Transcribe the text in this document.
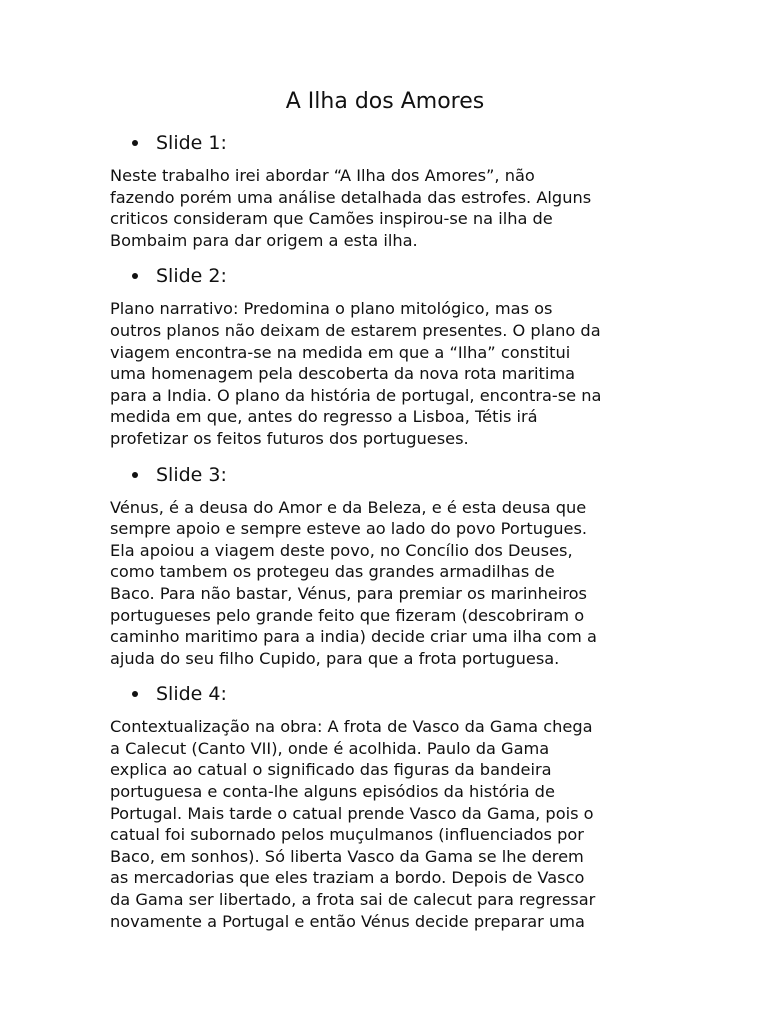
A Ilha dos Amores
Slide 1:
Neste trabalho irei abordar “A Ilha dos Amores”, não
fazendo porém uma análise detalhada das estrofes. Alguns
criticos consideram que Camões inspirou-se na ilha de
Bombaim para dar origem a esta ilha.
Slide 2:
Plano narrativo: Predomina o plano mitológico, mas os
outros planos não deixam de estarem presentes. O plano da
viagem encontra-se na medida em que a “Ilha” constitui
uma homenagem pela descoberta da nova rota maritima
para a India. O plano da história de portugal, encontra-se na
medida em que, antes do regresso a Lisboa, Tétis irá
profetizar os feitos futuros dos portugueses.
Slide 3:
Vénus, é a deusa do Amor e da Beleza, e é esta deusa que
sempre apoio e sempre esteve ao lado do povo Portugues.
Ela apoiou a viagem deste povo, no Concílio dos Deuses,
como tambem os protegeu das grandes armadilhas de
Baco. Para não bastar, Vénus, para premiar os marinheiros
portugueses pelo grande feito que fizeram (descobriram o
caminho maritimo para a india) decide criar uma ilha com a
ajuda do seu filho Cupido, para que a frota portuguesa.
Slide 4:
Contextualização na obra: A frota de Vasco da Gama chega
a Calecut (Canto VII), onde é acolhida. Paulo da Gama
explica ao catual o significado das figuras da bandeira
portuguesa e conta-lhe alguns episódios da história de
Portugal. Mais tarde o catual prende Vasco da Gama, pois o
catual foi subornado pelos muçulmanos (influenciados por
Baco, em sonhos). Só liberta Vasco da Gama se lhe derem
as mercadorias que eles traziam a bordo. Depois de Vasco
da Gama ser libertado, a frota sai de calecut para regressar
novamente a Portugal e então Vénus decide preparar uma
